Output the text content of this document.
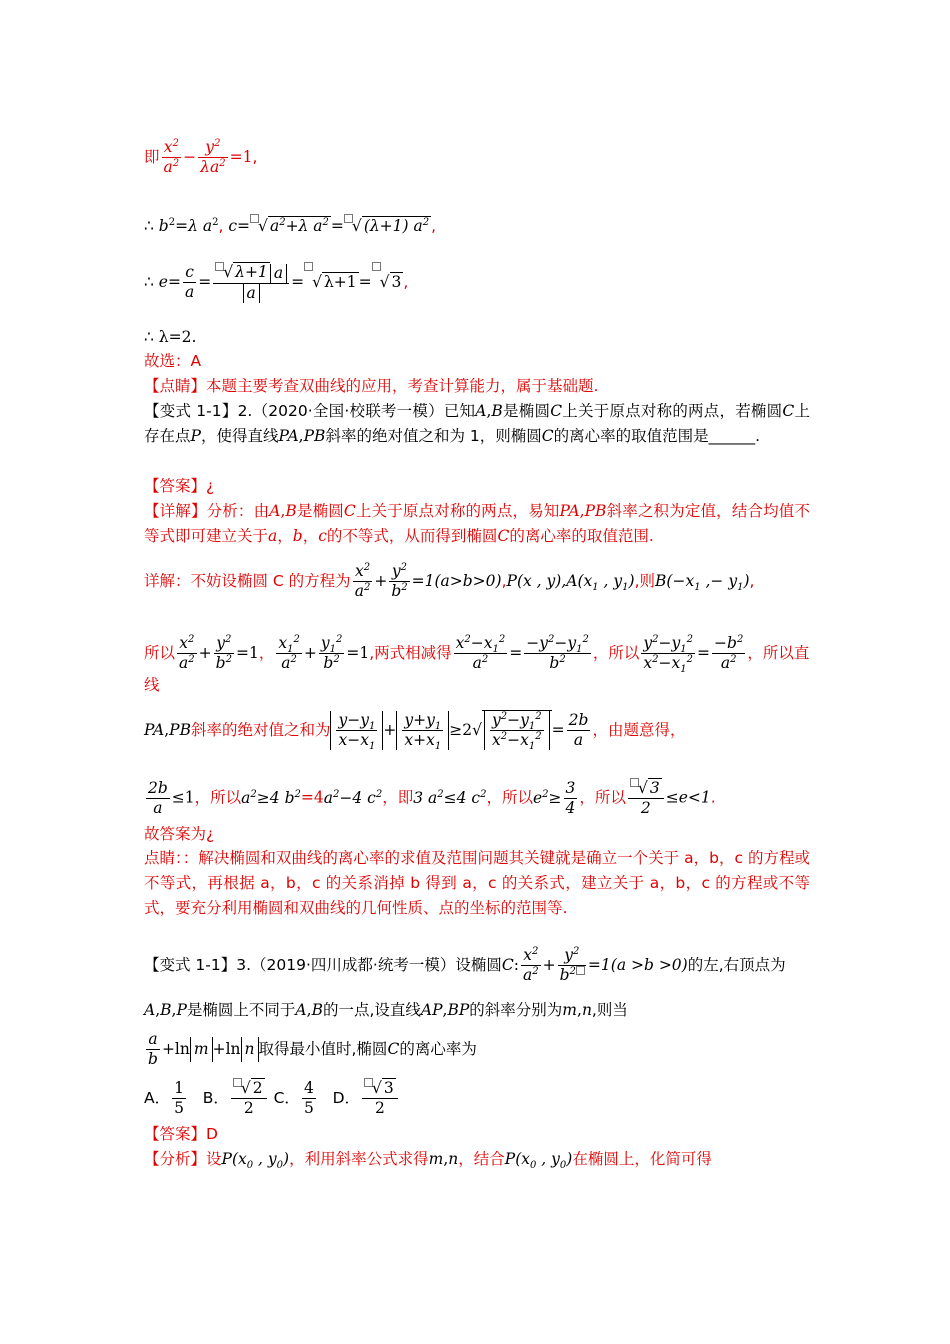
即 $\frac{x^2}{a^2} - \frac{y^2}{\lambda a^2} =1$,
∴ $b^2=\lambda$ $a^2$, c= √ $a^2+\lambda$ $a^2$ = √ (λ+1) $a^2$ ,
∴ $e= \frac{c}{a} = \frac{√ \lambda+1 a}{a}$ = √ λ+1 = √ 3 ,
∴ λ=2.
故选：A
【点睛】本题主要考查双曲线的应用，考查计算能力，属于基础题.
【变式 1-1】2.（2020·全国·校联考一模）已知A,B是椭圆C上关于原点对称的两点，若椭圆C上存在点P，使得直线PA,PB斜率的绝对值之和为 1，则椭圆C的离心率的取值范围是______.
【答案】¿
【详解】分析：由A,B是椭圆C上关于原点对称的两点，易知PA,PB斜率之积为定值，结合均值不等式即可建立关于a，b，c的不等式，从而得到椭圆C的离心率的取值范围.
详解：不妨设椭圆 C 的方程为 $\frac{x^2}{a^2} + \frac{y^2}{b^2} =1(a>b>0),P(x$ , $y),A(x_1$ , $y_1$),则$B(-x_1$ ,− $y_1$),
所以 $\frac{x^2}{a^2} + \frac{y^2}{b^2} =1$， $\frac{x_1^2}{a^2} + \frac{y_1^2}{b^2} =1$,两式相减得 $\frac{x^2-x_1^2}{a^2} = \frac{-y^2-y_1^2}{b^2}$ ，所以 $\frac{y^2-y_1^2}{x^2-x_1^2} = \frac{-b^2}{a^2}$ ，所以直线
PA,PB斜率的绝对值之和为 $\frac{y-y_1}{x-x_1} + \frac{y+y_1}{x+x_1} \ge 2√ \frac{y^2-y_1^2}{x^2-x_1^2} = \frac{2b}{a}$ ，由题意得，
$\frac{2b}{a} \le 1$，所以$a^2\ge 4$ $b^2=4a^2-4$ $c^2$，即3 $a^2\le 4$ $c^2$，所以$e^2\ge \frac{3}{4}$ ，所以 $\frac{√ 3}{2} \le e<1$.
故答案为¿
点睛：：解决椭圆和双曲线的离心率的求值及范围问题其关键就是确立一个关于 a，b，c 的方程或不等式，再根据 a，b，c 的关系消掉 b 得到 a，c 的关系式，建立关于 a，b，c 的方程或不等式，要充分利用椭圆和双曲线的几何性质、点的坐标的范围等.
【变式 1-1】3.（2019·四川成都·统考一模）设椭圆C: $\frac{x^2}{a^2} + \frac{y^2}{b^2} =1(a >b >0)$的左,右顶点为
A,B,P是椭圆上不同于A,B的一点,设直线AP,BP的斜率分别为m,n,则当
$\frac{a}{b} +\ln$ m +ln n 取得最小值时,椭圆C的离心率为
A． $\frac{1}{5}$ B． $\frac{√ 2}{2}$ C． $\frac{4}{5}$ D． $\frac{√ 3}{2}$
【答案】D
【分析】设$P(x_0$ , $y_0$)，利用斜率公式求得m,n，结合$P(x_0$ , $y_0$)在椭圆上，化简可得
